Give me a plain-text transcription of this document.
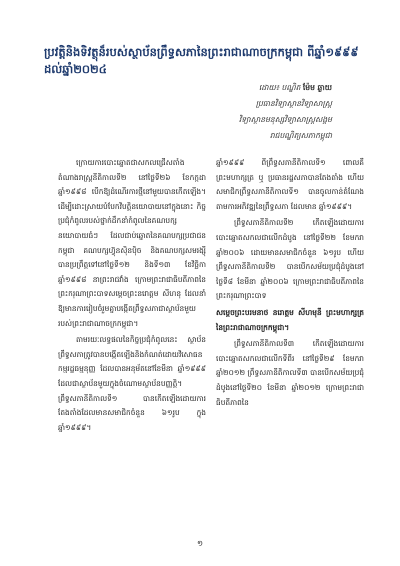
ប្រវត្តិនិងទិវត្ថុន៏របស់ស្ថាប័នព្រឹទ្ធសភានៃព្រះរាជាណាចក្រកម្ពុជា ពីឆ្នាំ១៩៩៩ ដល់ឆ្នាំ២០២៤
ដោយ៖ បណ្ឌិត ម៉ែម ឆ្ងាយ
ប្រធានវិទ្យាស្ថានវិទ្យាសាស្ត្រ
វិទ្យាស្ថានមនុស្សវិទ្យាសាស្ត្រសង្គម
រាជបណ្ឌិត្យសភាកម្ពុជា

ក្រោយការបោះឆ្នោតជាសកលជ្រើសតាំងតំណាងរាស្ត្រនីតិកាលទី២ នៅថ្ងៃទី២៦ ខែកក្កដា ឆ្នាំ១៩៩៨ បើកឱ្យដំណើរការថ្មីនៅមួយបានកើតឡើង។ ដើម្បីដោះស្រាយបំបែកវិបត្តិនយោបាយនៅក្នុងនោះ កិច្ចប្រជុំកំពូលរបស់ថ្នាក់ដឹកនាំកំពូលនៃគណបក្សនយោបាយធំៗ ដែលជាប់ឆ្នោតនៃគណបក្សប្រជាជនកម្ពុជា គណបក្សហ៊្វុនស៊ិនប៉ិច និងគណបក្សសមរង្ស៊ី បានប្រព្រឹត្តទៅនៅថ្ងៃទី១២ និងទី១៣ ខែវិច្ឆិកា ឆ្នាំ១៩៩៨ នាព្រះរាជវាំង ក្រោមព្រះរាជាធិបតីភាពនៃព្រះករុណាព្រះបាទសម្ដេចព្រះនរោត្តម សីហនុ ដែលនាំឱ្យមានការរៀបចំរួមគ្នាបង្កើតព្រឹទ្ធសភាជាស្ថាប័នមួយរបស់ព្រះរាជាណាចក្រកម្ពុជា។

តាមរយៈលទ្ធផលនៃកិច្ចប្រជុំកំពូលនេះ ស្ថាប័នព្រឹទ្ធសភាត្រូវបានបង្កើតឡើងនិងកំណត់ដោយវិសោធនកម្មរដ្ឋធម្មនុញ្ញ ដែលបានអនុម័តនៅខែមីនា ឆ្នាំ១៩៩៩ ដែលជាស្ថាប័នមួយក្នុងចំណោមស្ថាប័នបញ្ញត្តិ។ ព្រឹទ្ធសភានីតិកាលទី១ បានកើតឡើងដោយការតែងតាំងដែលមានសមាជិកចំនួន ៦១រូប ក្នុងឆ្នាំ១៩៩៩។

ឆ្នាំ១៩៩៩ ពីព្រឹទ្ធសភានីតិកាលទី១ ពោលគឺ ព្រះមហាក្សត្រ ឬ ប្រធានរដ្ឋសភាបានតែងតាំង ហើយសមាជិកព្រឹទ្ធសភានីតិកាលទី១ បានចូលកាន់តំណែងតាមការអភិវឌ្ឍនៃព្រឹទ្ធសភា ដែលមាន ឆ្នាំ១៩៩៩។

ព្រឹទ្ធសភានីតិកាលទី២ កើតឡើងដោយការបោះឆ្នោតសកលជាលើកដំបូង នៅថ្ងៃទី២២ ខែមករា ឆ្នាំ២០០៦ ដោយមានសមាជិកចំនួន ៦១រូប ហើយព្រឹទ្ធសភានីតិកាលទី២ បានបើកសម័យប្រជុំដំបូងនៅថ្ងៃទី៨ ខែមីនា ឆ្នាំ២០០៦ ក្រោមព្រះរាជាធិបតីភាពនៃព្រះករុណាព្រះបាទ

សម្ដេចព្រះបរមនាថ នរោត្តម សីហមុនី ព្រះមហាក្សត្រនៃព្រះរាជាណាចក្រកម្ពុជា។

ព្រឹទ្ធសភានីតិកាលទី៣ កើតឡើងដោយការបោះឆ្នោតសកលជាលើកទីពីរ នៅថ្ងៃទី២៩ ខែមករា ឆ្នាំ២០១២ ព្រឹទ្ធសភានីតិកាលទី៣ បានបើកសម័យប្រជុំដំបូងនៅថ្ងៃទី២០ ខែមីនា ឆ្នាំ២០១២ ក្រោមព្រះរាជាធិបតីភាពនៃ

១
